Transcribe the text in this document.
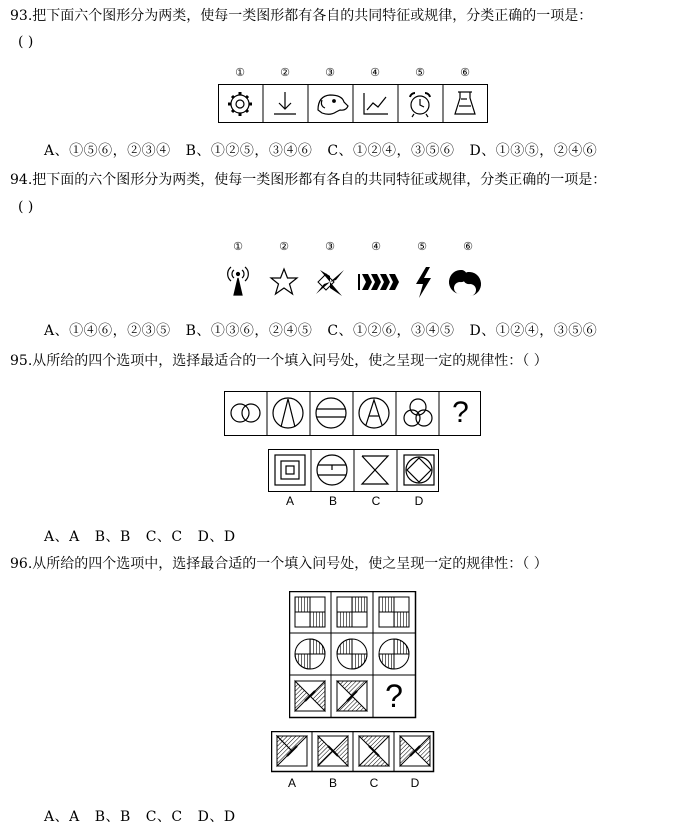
93.把下面六个图形分为两类，使每一类图形都有各自的共同特征或规律，分类正确的一项是：
( )
①	②	③	④	⑤	⑥
A、①⑤⑥，②③④ B、①②⑤，③④⑥ C、①②④，③⑤⑥ D、①③⑤，②④⑥
94.把下面的六个图形分为两类，使每一类图形都有各自的共同特征或规律，分类正确的一项是：
( )
①	②	③	④	⑤	⑥
A、①④⑥，②③⑤ B、①③⑥，②④⑤ C、①②⑥，③④⑤ D、①②④，③⑤⑥
95.从所给的四个选项中，选择最适合的一个填入问号处，使之呈现一定的规律性：（ ）
?
A	B	C	D
A、A B、B C、C D、D
96.从所给的四个选项中，选择最合适的一个填入问号处，使之呈现一定的规律性：（ ）
?
A	B	C	D
A、A B、B C、C D、D
